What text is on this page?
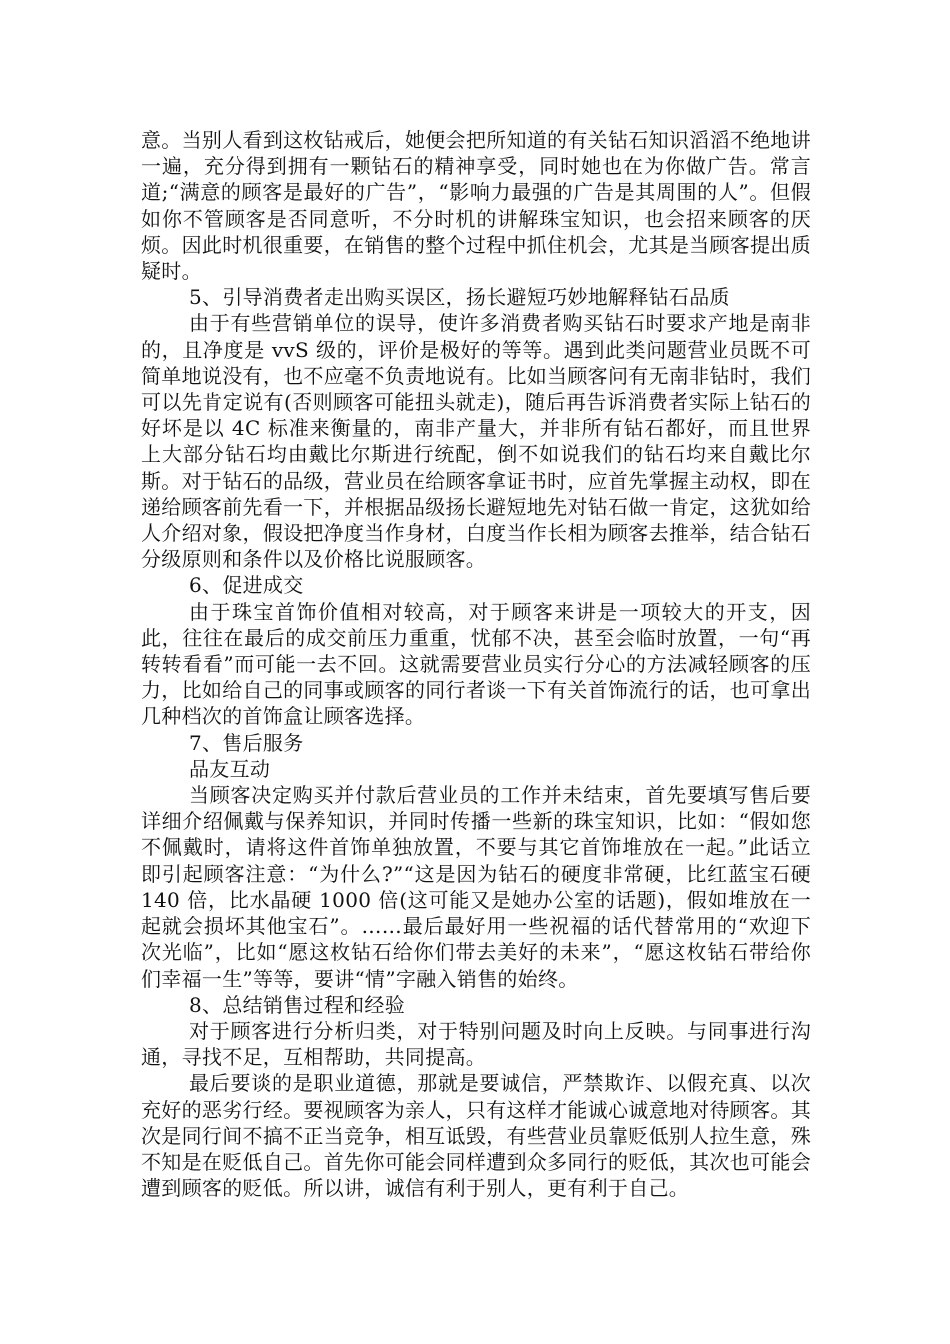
意。当别人看到这枚钻戒后，她便会把所知道的有关钻石知识滔滔不绝地讲一遍，充分得到拥有一颗钻石的精神享受，同时她也在为你做广告。常言道;“满意的顾客是最好的广告”，“影响力最强的广告是其周围的人”。但假如你不管顾客是否同意听，不分时机的讲解珠宝知识，也会招来顾客的厌烦。因此时机很重要，在销售的整个过程中抓住机会，尤其是当顾客提出质疑时。

5、引导消费者走出购买误区，扬长避短巧妙地解释钻石品质

由于有些营销单位的误导，使许多消费者购买钻石时要求产地是南非的，且净度是 vvS 级的，评价是极好的等等。遇到此类问题营业员既不可简单地说没有，也不应毫不负责地说有。比如当顾客问有无南非钻时，我们可以先肯定说有(否则顾客可能扭头就走)，随后再告诉消费者实际上钻石的好坏是以 4C 标准来衡量的，南非产量大，并非所有钻石都好，而且世界上大部分钻石均由戴比尔斯进行统配，倒不如说我们的钻石均来自戴比尔斯。对于钻石的品级，营业员在给顾客拿证书时，应首先掌握主动权，即在递给顾客前先看一下，并根据品级扬长避短地先对钻石做一肯定，这犹如给人介绍对象，假设把净度当作身材，白度当作长相为顾客去推举，结合钻石分级原则和条件以及价格比说服顾客。

6、促进成交

由于珠宝首饰价值相对较高，对于顾客来讲是一项较大的开支，因此，往往在最后的成交前压力重重，忧郁不决，甚至会临时放置，一句“再转转看看”而可能一去不回。这就需要营业员实行分心的方法减轻顾客的压力，比如给自己的同事或顾客的同行者谈一下有关首饰流行的话，也可拿出几种档次的首饰盒让顾客选择。

7、售后服务

品友互动

当顾客决定购买并付款后营业员的工作并未结束，首先要填写售后要详细介绍佩戴与保养知识，并同时传播一些新的珠宝知识，比如：“假如您不佩戴时，请将这件首饰单独放置，不要与其它首饰堆放在一起。”此话立即引起顾客注意：“为什么?”“这是因为钻石的硬度非常硬，比红蓝宝石硬 140 倍，比水晶硬 1000 倍(这可能又是她办公室的话题)，假如堆放在一起就会损坏其他宝石”。……最后最好用一些祝福的话代替常用的“欢迎下次光临”，比如“愿这枚钻石给你们带去美好的未来”，“愿这枚钻石带给你们幸福一生”等等，要讲“情”字融入销售的始终。

8、总结销售过程和经验

对于顾客进行分析归类，对于特别问题及时向上反映。与同事进行沟通，寻找不足，互相帮助，共同提高。

最后要谈的是职业道德，那就是要诚信，严禁欺诈、以假充真、以次充好的恶劣行经。要视顾客为亲人，只有这样才能诚心诚意地对待顾客。其次是同行间不搞不正当竞争，相互诋毁，有些营业员靠贬低别人拉生意，殊不知是在贬低自己。首先你可能会同样遭到众多同行的贬低，其次也可能会遭到顾客的贬低。所以讲，诚信有利于别人，更有利于自己。
